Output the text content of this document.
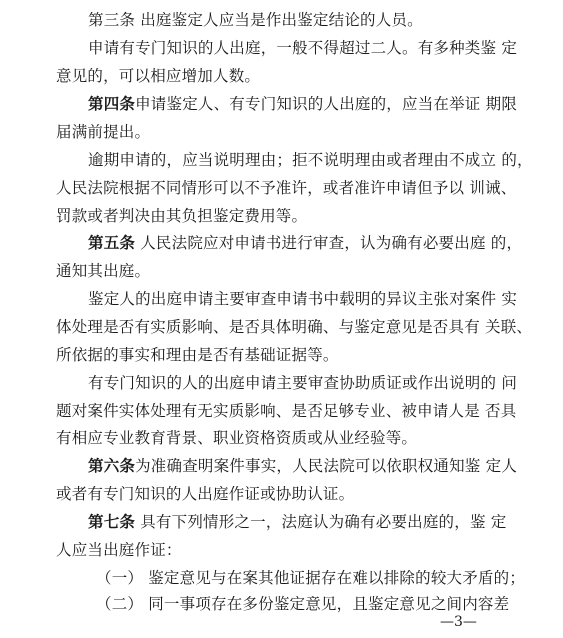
第三条 出庭鉴定人应当是作出鉴定结论的人员。
申请有专门知识的人出庭，一般不得超过二人。有多种类鉴 定
意见的，可以相应增加人数。
第四条申请鉴定人、有专门知识的人出庭的，应当在举证 期限
届满前提出。
逾期申请的，应当说明理由；拒不说明理由或者理由不成立 的，
人民法院根据不同情形可以不予准许，或者准许申请但予以 训诫、
罚款或者判决由其负担鉴定费用等。
第五条 人民法院应对申请书进行审查，认为确有必要出庭 的，
通知其出庭。
鉴定人的出庭申请主要审查申请书中载明的异议主张对案件 实
体处理是否有实质影响、是否具体明确、与鉴定意见是否具有 关联、
所依据的事实和理由是否有基础证据等。
有专门知识的人的出庭申请主要审查协助质证或作出说明的 问
题对案件实体处理有无实质影响、是否足够专业、被申请人是 否具
有相应专业教育背景、职业资格资质或从业经验等。
第六条为准确查明案件事实，人民法院可以依职权通知鉴 定人
或者有专门知识的人出庭作证或协助认证。
第七条 具有下列情形之一，法庭认为确有必要出庭的，鉴 定
人应当出庭作证：
（一） 鉴定意见与在案其他证据存在难以排除的较大矛盾的；
（二） 同一事项存在多份鉴定意见，且鉴定意见之间内容差
—3—
